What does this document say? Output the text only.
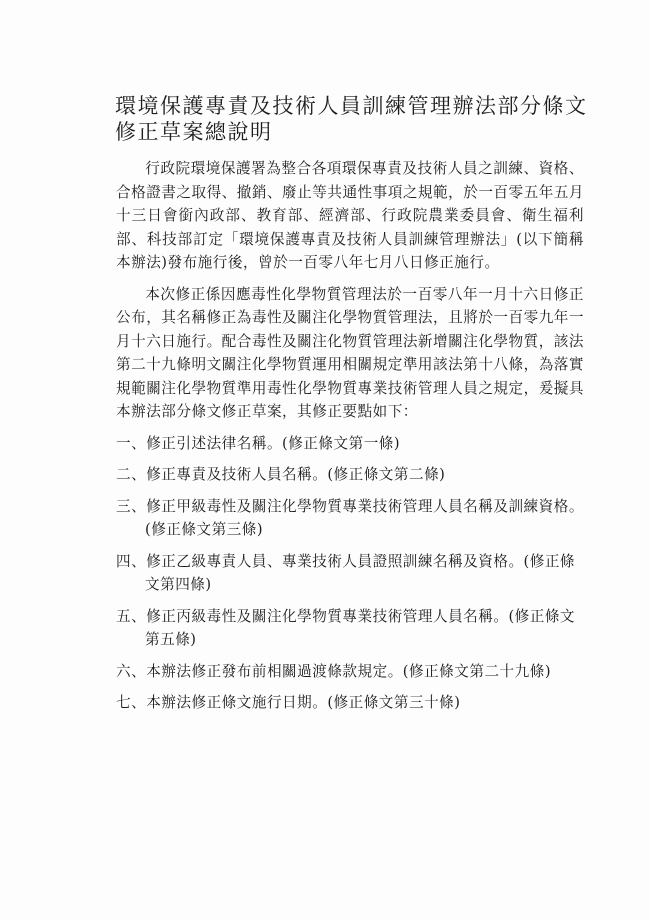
環境保護專責及技術人員訓練管理辦法部分條文修正草案總說明

行政院環境保護署為整合各項環保專責及技術人員之訓練、資格、合格證書之取得、撤銷、廢止等共通性事項之規範，於一百零五年五月十三日會銜內政部、教育部、經濟部、行政院農業委員會、衛生福利部、科技部訂定「環境保護專責及技術人員訓練管理辦法」(以下簡稱本辦法)發布施行後，曾於一百零八年七月八日修正施行。

本次修正係因應毒性化學物質管理法於一百零八年一月十六日修正公布，其名稱修正為毒性及關注化學物質管理法，且將於一百零九年一月十六日施行。配合毒性及關注化物質管理法新增關注化學物質，該法第二十九條明文關注化學物質運用相關規定準用該法第十八條，為落實規範關注化學物質準用毒性化學物質專業技術管理人員之規定，爰擬具本辦法部分條文修正草案，其修正要點如下：

一、修正引述法律名稱。(修正條文第一條)
二、修正專責及技術人員名稱。(修正條文第二條)
三、修正甲級毒性及關注化學物質專業技術管理人員名稱及訓練資格。(修正條文第三條)
四、修正乙級專責人員、專業技術人員證照訓練名稱及資格。(修正條文第四條)
五、修正丙級毒性及關注化學物質專業技術管理人員名稱。(修正條文第五條)
六、本辦法修正發布前相關過渡條款規定。(修正條文第二十九條)
七、本辦法修正條文施行日期。(修正條文第三十條)
